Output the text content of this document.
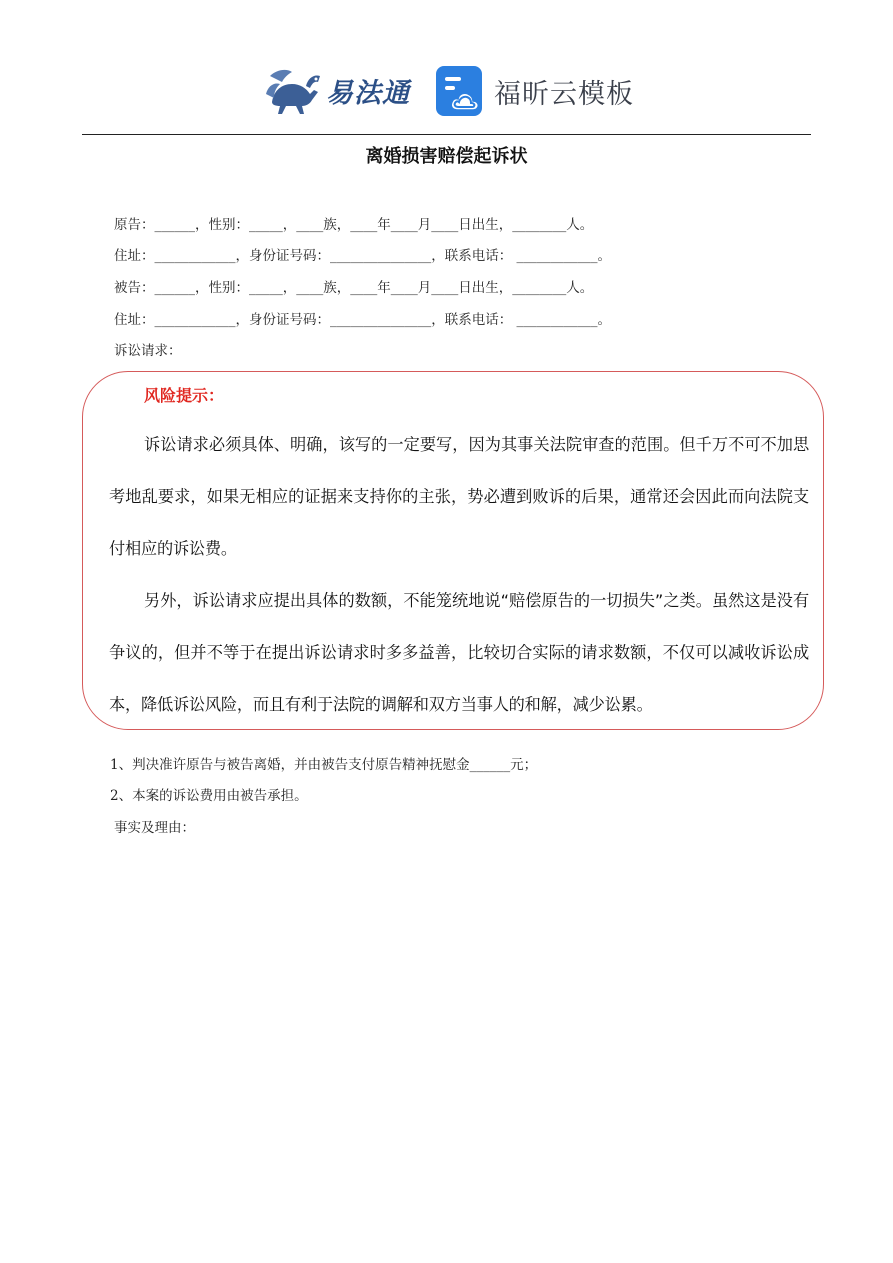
易法通	福昕云模板
离婚损害赔偿起诉状
原告：______，性别：_____，____族，____年____月____日出生，________人。
住址：____________，身份证号码：_______________，联系电话： ____________。
被告：______，性别：_____，____族，____年____月____日出生，________人。
住址：____________，身份证号码：_______________，联系电话： ____________。
诉讼请求：
风险提示：

诉讼请求必须具体、明确，该写的一定要写，因为其事关法院审查的范围。但千万不可不加思考地乱要求，如果无相应的证据来支持你的主张，势必遭到败诉的后果，通常还会因此而向法院支付相应的诉讼费。

另外，诉讼请求应提出具体的数额，不能笼统地说“赔偿原告的一切损失”之类。虽然这是没有争议的，但并不等于在提出诉讼请求时多多益善，比较切合实际的请求数额，不仅可以减收诉讼成本，降低诉讼风险，而且有利于法院的调解和双方当事人的和解，减少讼累。

1、判决准许原告与被告离婚，并由被告支付原告精神抚慰金______元；
2、本案的诉讼费用由被告承担。
事实及理由：
